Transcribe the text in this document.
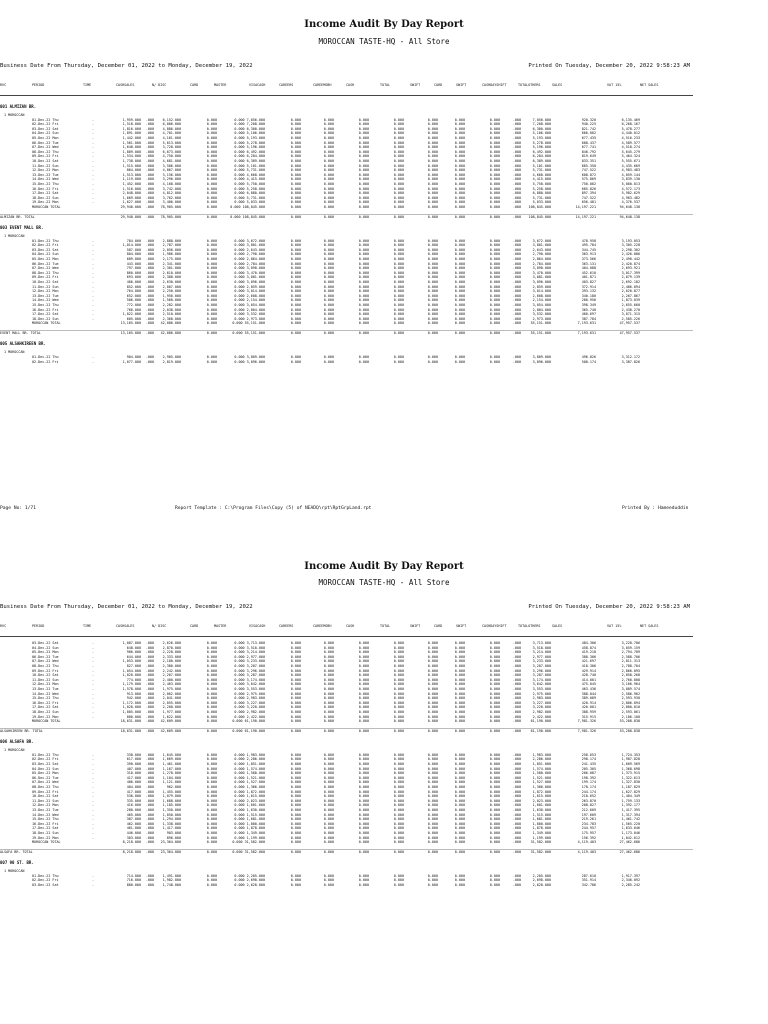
Income Audit By Day Report
MOROCCAN TASTE-HQ - All Store
Business Date From Thursday, December 01, 2022 to Monday, December 19, 2022	Printed On Tuesday, December 20, 2022 9:58:23 AM
RVC	PERIOD	TIME	CASHSALES	N/ DISC	CARD	MASTER	VISACASH	CAREERS	CAREEMSBH	CASH	TOTAL	SWIFT	CARD	SWIFT	CASHDAYSHIFT	TOTALOTHERS	SALES	VAT 15%	NET SALES
001 ALMIZAN BR.
1 MOROCCAN
01-Dec-22 Thu	-	1,959.000 .000	6,152.000	0.000	0.000 7,056.000	0.000	0.000	0.000	0.000	0.000	0.000	0.000	.000	7,056.000	920.320	6,135.469
02-Dec-22 Fri	-	1,518.000 .000	6,086.000	0.000	0.000 7,208.000	0.000	0.000	0.000	0.000	0.000	0.000	0.000	.000	7,208.000	940.225	6,268.167
03-Dec-22 Sat	-	1,816.000 .000	4,886.000	0.000	0.000 6,300.000	0.000	0.000	0.000	0.000	0.000	0.000	0.000	.000	6,300.000	821.742	5,478.277
04-Dec-22 Sun	-	1,891.000 .000	4,701.000	0.000	0.000 5,106.000	0.000	0.000	0.000	0.000	0.000	0.000	0.000	.000	5,106.000	666.002	4,440.012
05-Dec-22 Mon	-	1,442.000 .000	4,161.000	0.000	0.000 5,193.000	0.000	0.000	0.000	0.000	0.000	0.000	0.000	.000	5,193.000	677.435	4,516.233
06-Dec-22 Tue	-	1,561.000 .000	5,613.000	0.000	0.000 5,278.000	0.000	0.000	0.000	0.000	0.000	0.000	0.000	.000	5,278.000	688.437	4,589.577
07-Dec-22 Wed	-	1,648.000 .000	3,728.000	0.000	0.000 5,196.000	0.000	0.000	0.000	0.000	0.000	0.000	0.000	.000	5,196.000	677.741	4,518.274
08-Dec-22 Thu	-	1,809.000 .000	6,673.000	0.000	0.000 6,492.000	0.000	0.000	0.000	0.000	0.000	0.000	0.000	.000	6,492.000	846.792	5,645.279
09-Dec-22 Fri	-	1,534.000 .000	4,750.000	0.000	0.000 6,284.000	0.000	0.000	0.000	0.000	0.000	0.000	0.000	.000	6,284.000	819.649	5,464.324
10-Dec-22 Sat	-	1,738.000 .000	4,681.000	0.000	0.000 6,389.000	0.000	0.000	0.000	0.000	0.000	0.000	0.000	.000	6,389.000	833.351	5,555.671
11-Dec-22 Sun	-	1,515.000 .000	3,586.000	0.000	0.000 5,101.000	0.000	0.000	0.000	0.000	0.000	0.000	0.000	.000	5,101.000	665.350	4,435.669
12-Dec-22 Mon	-	864.000 .000	4,867.000	0.000	0.000 5,731.000	0.000	0.000	0.000	0.000	0.000	0.000	0.000	.000	5,731.000	747.522	4,983.483
13-Dec-22 Tue	-	1,513.000 .000	3,156.000	0.000	0.000 4,668.000	0.000	0.000	0.000	0.000	0.000	0.000	0.000	.000	4,668.000	608.872	4,059.144
14-Dec-22 Wed	-	1,119.000 .000	3,296.000	0.000	0.000 4,415.000	0.000	0.000	0.000	0.000	0.000	0.000	0.000	.000	4,415.000	575.869	3,839.130
15-Dec-22 Thu	-	1,452.000 .000	4,168.000	0.000	0.000 5,750.000	0.000	0.000	0.000	0.000	0.000	0.000	0.000	.000	5,750.000	750.002	5,000.013
16-Dec-22 Fri	-	1,516.000 .000	3,742.000	0.000	0.000 5,258.000	0.000	0.000	0.000	0.000	0.000	0.000	0.000	.000	5,258.000	685.826	4,572.173
17-Dec-22 Sat	-	2,048.000 .000	4,812.000	0.000	0.000 6,880.000	0.000	0.000	0.000	0.000	0.000	0.000	0.000	.000	6,880.000	897.394	5,982.629
18-Dec-22 Sun	-	1,669.000 .000	3,762.000	0.000	0.000 5,731.000	0.000	0.000	0.000	0.000	0.000	0.000	0.000	.000	5,731.000	747.522	4,983.482
19-Dec-22 Mon	-	1,627.000 .000	3,406.000	0.000	0.000 5,033.000	0.000	0.000	0.000	0.000	0.000	0.000	0.000	.000	5,033.000	656.481	4,376.537
MOROCCAN TOTAL	29,940.000 .000 78,905.000	0.000	0.000 108,845.000	0.000	0.000	0.000	0.000	0.000	0.000	0.000	.000 108,845.000	14,197.221	94,648.138
ALMIZAN BR. TOTAL	29,940.000 .000 78,905.000	0.000	0.000 108,845.000	0.000	0.000	0.000	0.000	0.000	0.000	0.000	.000 108,845.000	14,197.221	94,648.138
003 EVENT MALL BR.
1 MOROCCAN
01-Dec-22 Thu	-	784.000 .000	2,888.000	0.000	0.000 3,672.000	0.000	0.000	0.000	0.000	0.000	0.000	0.000	.000	3,672.000	478.958	3,193.053
02-Dec-22 Fri	-	1,014.000 .000	2,787.000	0.000	0.000 3,801.000	0.000	0.000	0.000	0.000	0.000	0.000	0.000	.000	3,801.000	495.784	3,305.228
03-Dec-22 Sat	-	587.000 .000	2,056.000	0.000	0.000 2,643.000	0.000	0.000	0.000	0.000	0.000	0.000	0.000	.000	2,643.000	344.745	2,298.302
04-Dec-22 Sun	-	804.000 .000	1,986.000	0.000	0.000 2,790.000	0.000	0.000	0.000	0.000	0.000	0.000	0.000	.000	2,790.000	363.913	2,426.086
05-Dec-22 Mon	-	689.000 .000	2,175.000	0.000	0.000 2,864.000	0.000	0.000	0.000	0.000	0.000	0.000	0.000	.000	2,864.000	373.566	2,490.442
06-Dec-22 Tue	-	443.000 .000	2,341.000	0.000	0.000 2,784.000	0.000	0.000	0.000	0.000	0.000	0.000	0.000	.000	2,784.000	363.131	2,420.874
07-Dec-22 Wed	-	797.000 .000	2,301.000	0.000	0.000 3,098.000	0.000	0.000	0.000	0.000	0.000	0.000	0.000	.000	3,098.000	404.088	2,693.921
08-Dec-22 Thu	-	860.000 .000	2,610.000	0.000	0.000 3,470.000	0.000	0.000	0.000	0.000	0.000	0.000	0.000	.000	3,470.000	452.610	3,017.399
09-Dec-22 Fri	-	693.000 .000	2,388.000	0.000	0.000 3,081.000	0.000	0.000	0.000	0.000	0.000	0.000	0.000	.000	3,081.000	401.871	2,679.139
10-Dec-22 Sat	-	466.000 .000	2,630.000	0.000	0.000 3,096.000	0.000	0.000	0.000	0.000	0.000	0.000	0.000	.000	3,096.000	403.827	2,692.182
11-Dec-22 Sun	-	852.000 .000	2,007.000	0.000	0.000 2,859.000	0.000	0.000	0.000	0.000	0.000	0.000	0.000	.000	2,859.000	372.914	2,486.094
12-Dec-22 Mon	-	764.000 .000	2,250.000	0.000	0.000 3,014.000	0.000	0.000	0.000	0.000	0.000	0.000	0.000	.000	3,014.000	393.132	2,620.877
13-Dec-22 Tue	-	652.000 .000	1,956.000	0.000	0.000 2,608.000	0.000	0.000	0.000	0.000	0.000	0.000	0.000	.000	2,608.000	340.180	2,267.867
14-Dec-22 Wed	-	586.000 .000	1,568.000	0.000	0.000 2,154.000	0.000	0.000	0.000	0.000	0.000	0.000	0.000	.000	2,154.000	280.956	1,873.039
15-Dec-22 Thu	-	772.000 .000	2,282.000	0.000	0.000 3,054.000	0.000	0.000	0.000	0.000	0.000	0.000	0.000	.000	3,054.000	398.349	2,655.660
16-Dec-22 Fri	-	766.000 .000	2,038.000	0.000	0.000 2,804.000	0.000	0.000	0.000	0.000	0.000	0.000	0.000	.000	2,804.000	365.740	2,438.270
17-Dec-22 Sat	-	1,022.000 .000	2,510.000	0.000	0.000 3,532.000	0.000	0.000	0.000	0.000	0.000	0.000	0.000	.000	3,532.000	460.697	3,071.315
18-Dec-22 Sun	-	605.000 .000	2,368.000	0.000	0.000 2,973.000	0.000	0.000	0.000	0.000	0.000	0.000	0.000	.000	2,973.000	387.784	2,585.226
MOROCCAN TOTAL	13,165.000 .000 42,086.000	0.000	0.000 55,151.000	0.000	0.000	0.000	0.000	0.000	0.000	0.000	.000	55,151.000	7,193.631	47,957.537
EVENT MALL BR. TOTAL	13,165.000 .000 42,086.000	0.000	0.000 55,151.000	0.000	0.000	0.000	0.000	0.000	0.000	0.000	.000	55,151.000	7,193.631	47,957.537
005 ALSAHKIREEN BR.
1 MOROCCAN
01-Dec-22 Thu	-	904.000 .000	2,905.000	0.000	0.000 3,809.000	0.000	0.000	0.000	0.000	0.000	0.000	0.000	.000	3,809.000	496.826	3,312.172
02-Dec-22 Fri	-	1,077.000 .000	2,819.000	0.000	0.000 3,896.000	0.000	0.000	0.000	0.000	0.000	0.000	0.000	.000	3,896.000	508.174	3,387.826
Page No: 1/71	Report Template : C:\Program Files\Copy (5) of NEADQ\rpt\RptGrpLand.rpt	Printed By : Hameeduddin
Income Audit By Day Report
MOROCCAN TASTE-HQ - All Store
Business Date From Thursday, December 01, 2022 to Monday, December 19, 2022	Printed On Tuesday, December 20, 2022 9:58:23 AM
RVC	PERIOD	TIME	CASHSALES	N/ DISC	CARD	MASTER	VISACASH	CAREERS	CAREEMSBH	CASH	TOTAL	SWIFT	CARD	SWIFT	CASHDAYSHIFT	TOTALOTHERS	SALES	VAT 15%	NET SALES
03-Dec-22 Sat	-	1,087.000 .000	2,626.000	0.000	0.000 3,713.000	0.000	0.000	0.000	0.000	0.000	0.000	0.000	.000	3,713.000	484.306	3,228.706
04-Dec-22 Sun	-	648.000 .000	2,870.000	0.000	0.000 3,518.000	0.000	0.000	0.000	0.000	0.000	0.000	0.000	.000	3,518.000	458.874	3,059.159
05-Dec-22 Mon	-	986.000 .000	2,228.000	0.000	0.000 3,214.000	0.000	0.000	0.000	0.000	0.000	0.000	0.000	.000	3,214.000	419.218	2,794.789
06-Dec-22 Tue	-	644.000 .000	2,333.000	0.000	0.000 2,977.000	0.000	0.000	0.000	0.000	0.000	0.000	0.000	.000	2,977.000	388.306	2,588.706
07-Dec-22 Wed	-	1,053.000 .000	2,180.000	0.000	0.000 3,233.000	0.000	0.000	0.000	0.000	0.000	0.000	0.000	.000	3,233.000	421.697	2,811.313
08-Dec-22 Thu	-	827.000 .000	2,380.000	0.000	0.000 3,207.000	0.000	0.000	0.000	0.000	0.000	0.000	0.000	.000	3,207.000	418.306	2,788.704
09-Dec-22 Fri	-	1,054.000 .000	2,242.000	0.000	0.000 3,296.000	0.000	0.000	0.000	0.000	0.000	0.000	0.000	.000	3,296.000	429.914	2,866.095
10-Dec-22 Sat	-	1,020.000 .000	2,267.000	0.000	0.000 3,287.000	0.000	0.000	0.000	0.000	0.000	0.000	0.000	.000	3,287.000	428.740	2,858.268
11-Dec-22 Sun	-	774.000 .000	2,400.000	0.000	0.000 3,174.000	0.000	0.000	0.000	0.000	0.000	0.000	0.000	.000	3,174.000	414.001	2,760.008
12-Dec-22 Mon	-	1,179.000 .000	2,463.000	0.000	0.000 3,642.000	0.000	0.000	0.000	0.000	0.000	0.000	0.000	.000	3,642.000	475.045	3,166.964
13-Dec-22 Tue	-	1,578.000 .000	1,975.000	0.000	0.000 3,553.000	0.000	0.000	0.000	0.000	0.000	0.000	0.000	.000	3,553.000	463.436	3,089.574
14-Dec-22 Wed	-	913.000 .000	2,062.000	0.000	0.000 2,975.000	0.000	0.000	0.000	0.000	0.000	0.000	0.000	.000	2,975.000	388.044	2,586.962
15-Dec-22 Thu	-	942.000 .000	2,041.000	0.000	0.000 2,983.000	0.000	0.000	0.000	0.000	0.000	0.000	0.000	.000	2,983.000	389.089	2,593.930
16-Dec-22 Fri	-	1,172.000 .000	2,055.000	0.000	0.000 3,227.000	0.000	0.000	0.000	0.000	0.000	0.000	0.000	.000	3,227.000	420.914	2,806.094
17-Dec-22 Sat	-	1,020.000 .000	2,200.000	0.000	0.000 3,220.000	0.000	0.000	0.000	0.000	0.000	0.000	0.000	.000	3,220.000	420.001	2,800.010
18-Dec-22 Sun	-	1,005.000 .000	1,977.000	0.000	0.000 2,982.000	0.000	0.000	0.000	0.000	0.000	0.000	0.000	.000	2,982.000	388.959	2,593.061
19-Dec-22 Mon	-	800.000 .000	1,622.000	0.000	0.000 2,422.000	0.000	0.000	0.000	0.000	0.000	0.000	0.000	.000	2,422.000	315.915	2,106.100
MOROCCAN TOTAL	18,631.000 .000 42,609.000	0.000	0.000 61,190.000	0.000	0.000	0.000	0.000	0.000	0.000	0.000	.000	61,190.000	7,981.326	53,208.838
ALSAHKIREEN BR. TOTAL	18,631.000 .000 42,609.000	0.000	0.000 61,190.000	0.000	0.000	0.000	0.000	0.000	0.000	0.000	.000	61,190.000	7,981.326	53,208.838
006 ALSAFA BR.
1 MOROCCAN
01-Dec-22 Thu	-	338.000 .000	1,645.000	0.000	0.000 1,983.000	0.000	0.000	0.000	0.000	0.000	0.000	0.000	.000	1,983.000	258.653	1,724.353
02-Dec-22 Fri	-	617.000 .000	1,669.000	0.000	0.000 2,286.000	0.000	0.000	0.000	0.000	0.000	0.000	0.000	.000	2,286.000	298.174	1,987.828
03-Dec-22 Sat	-	390.000 .000	1,461.000	0.000	0.000 1,851.000	0.000	0.000	0.000	0.000	0.000	0.000	0.000	.000	1,851.000	241.435	1,609.569
04-Dec-22 Sun	-	407.000 .000	1,167.000	0.000	0.000 1,574.000	0.000	0.000	0.000	0.000	0.000	0.000	0.000	.000	1,574.000	205.305	1,368.698
05-Dec-22 Mon	-	310.000 .000	1,270.000	0.000	0.000 1,580.000	0.000	0.000	0.000	0.000	0.000	0.000	0.000	.000	1,580.000	206.087	1,373.915
06-Dec-22 Tue	-	417.000 .000	1,104.000	0.000	0.000 1,521.000	0.000	0.000	0.000	0.000	0.000	0.000	0.000	.000	1,521.000	198.392	1,322.613
07-Dec-22 Wed	-	406.000 .000	1,121.000	0.000	0.000 1,527.000	0.000	0.000	0.000	0.000	0.000	0.000	0.000	.000	1,527.000	199.174	1,327.830
08-Dec-22 Thu	-	404.000 .000	962.000	0.000	0.000 1,366.000	0.000	0.000	0.000	0.000	0.000	0.000	0.000	.000	1,366.000	178.174	1,187.829
09-Dec-22 Fri	-	417.000 .000	1,455.000	0.000	0.000 1,872.000	0.000	0.000	0.000	0.000	0.000	0.000	0.000	.000	1,872.000	244.174	1,627.829
10-Dec-22 Sat	-	536.000 .000	1,079.000	0.000	0.000 1,615.000	0.000	0.000	0.000	0.000	0.000	0.000	0.000	.000	1,615.000	210.652	1,404.349
11-Dec-22 Sun	-	335.000 .000	1,688.000	0.000	0.000 2,023.000	0.000	0.000	0.000	0.000	0.000	0.000	0.000	.000	2,023.000	263.870	1,759.133
12-Dec-22 Mon	-	416.000 .000	1,185.000	0.000	0.000 1,601.000	0.000	0.000	0.000	0.000	0.000	0.000	0.000	.000	1,601.000	208.827	1,392.177
13-Dec-22 Tue	-	280.000 .000	1,350.000	0.000	0.000 1,630.000	0.000	0.000	0.000	0.000	0.000	0.000	0.000	.000	1,630.000	212.609	1,417.395
14-Dec-22 Wed	-	465.000 .000	1,050.000	0.000	0.000 1,515.000	0.000	0.000	0.000	0.000	0.000	0.000	0.000	.000	1,515.000	197.609	1,317.394
15-Dec-22 Thu	-	387.000 .000	1,294.000	0.000	0.000 1,681.000	0.000	0.000	0.000	0.000	0.000	0.000	0.000	.000	1,681.000	219.261	1,461.742
16-Dec-22 Fri	-	462.000 .000	1,338.000	0.000	0.000 1,800.000	0.000	0.000	0.000	0.000	0.000	0.000	0.000	.000	1,800.000	234.783	1,565.220
17-Dec-22 Sat	-	461.000 .000	1,417.000	0.000	0.000 1,878.000	0.000	0.000	0.000	0.000	0.000	0.000	0.000	.000	1,878.000	244.957	1,633.046
18-Dec-22 Sun	-	446.000 .000	903.000	0.000	0.000 1,349.000	0.000	0.000	0.000	0.000	0.000	0.000	0.000	.000	1,349.000	175.957	1,173.046
19-Dec-22 Mon	-	303.000 .000	896.000	0.000	0.000 1,199.000	0.000	0.000	0.000	0.000	0.000	0.000	0.000	.000	1,199.000	156.392	1,042.612
MOROCCAN TOTAL	8,218.000 .000 23,364.000	0.000	0.000 31,582.000	0.000	0.000	0.000	0.000	0.000	0.000	0.000	.000	31,582.000	4,119.403	27,462.686
ALSAFA BR. TOTAL	8,218.000 .000 23,364.000	0.000	0.000 31,582.000	0.000	0.000	0.000	0.000	0.000	0.000	0.000	.000	31,582.000	4,119.403	27,462.686
007 90 ST. BR.
1 MOROCCAN
01-Dec-22 Thu	-	714.000 .000	1,491.000	0.000	0.000 2,205.000	0.000	0.000	0.000	0.000	0.000	0.000	0.000	.000	2,205.000	287.610	1,917.397
02-Dec-22 Fri	-	716.000 .000	1,982.000	0.000	0.000 2,698.000	0.000	0.000	0.000	0.000	0.000	0.000	0.000	.000	2,698.000	351.914	2,346.092
03-Dec-22 Sat	-	880.000 .000	1,748.000	0.000	0.000 2,628.000	0.000	0.000	0.000	0.000	0.000	0.000	0.000	.000	2,628.000	342.786	2,285.242
